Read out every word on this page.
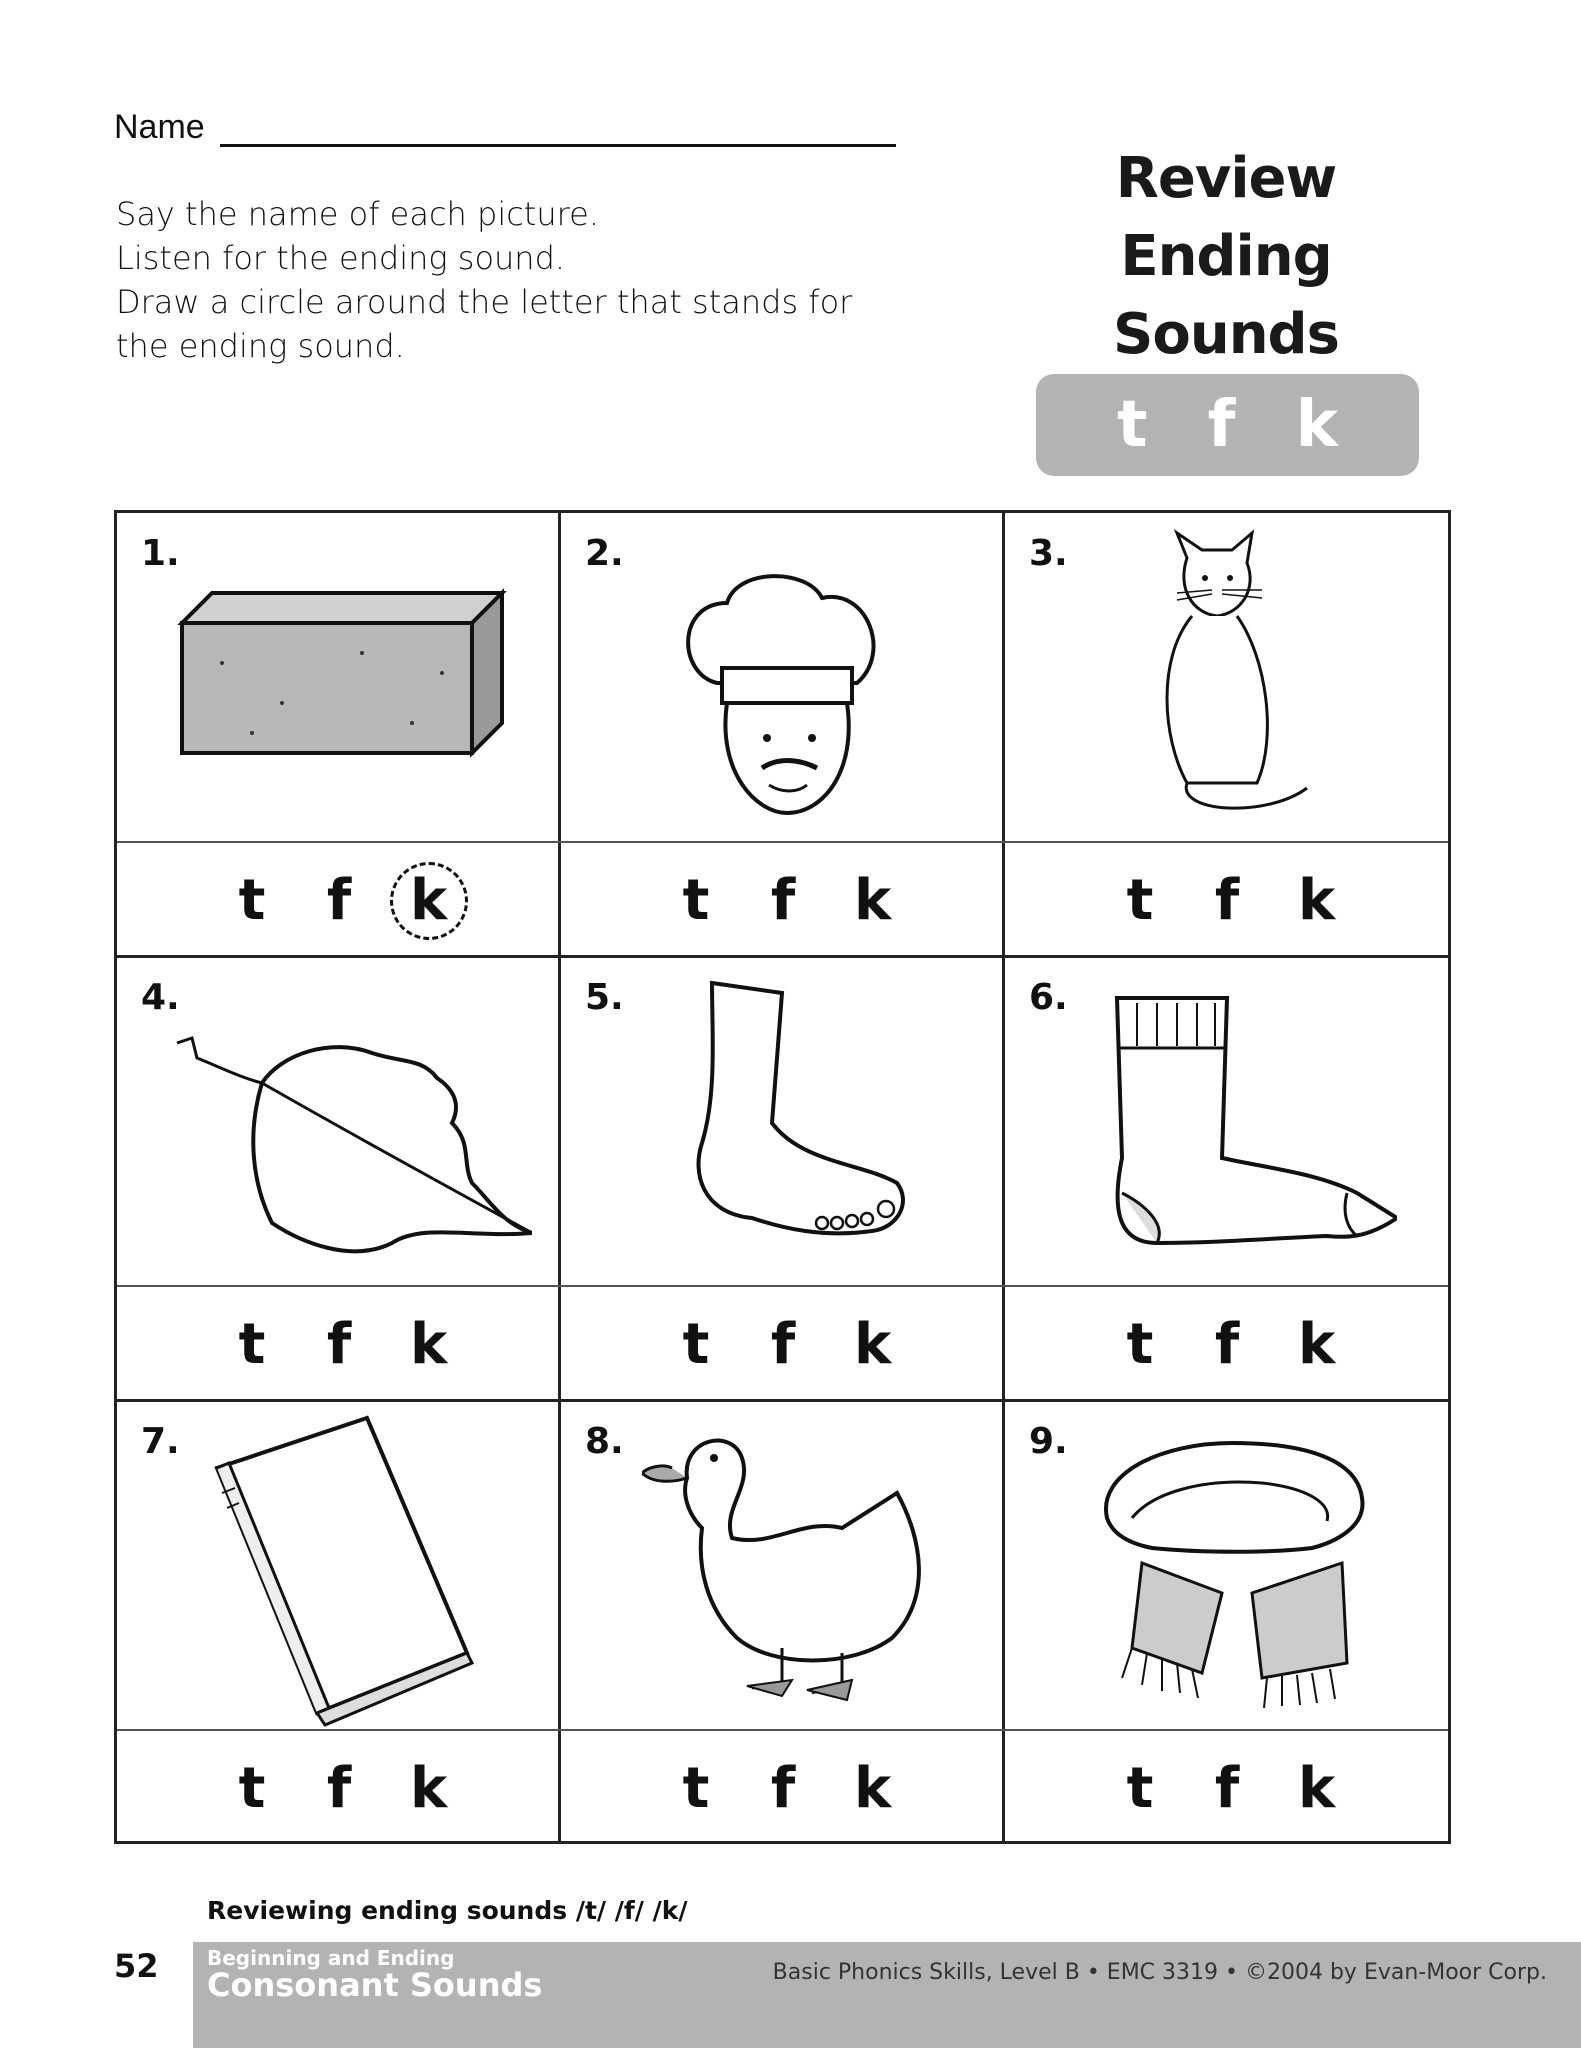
Name
Say the name of each picture.
Listen for the ending sound.
Draw a circle around the letter that stands for
the ending sound.
Review
Ending
Sounds
t f k
1.
t f k
2.
t f k
3.
t f k
4.
t f k
5.
t f k
6.
t f k
7.
t f k
8.
t f k
9.
t f k
Reviewing ending sounds /t/ /f/ /k/
52 Beginning and Ending
Consonant Sounds	Basic Phonics Skills, Level B • EMC 3319 • ©2004 by Evan-Moor Corp.
